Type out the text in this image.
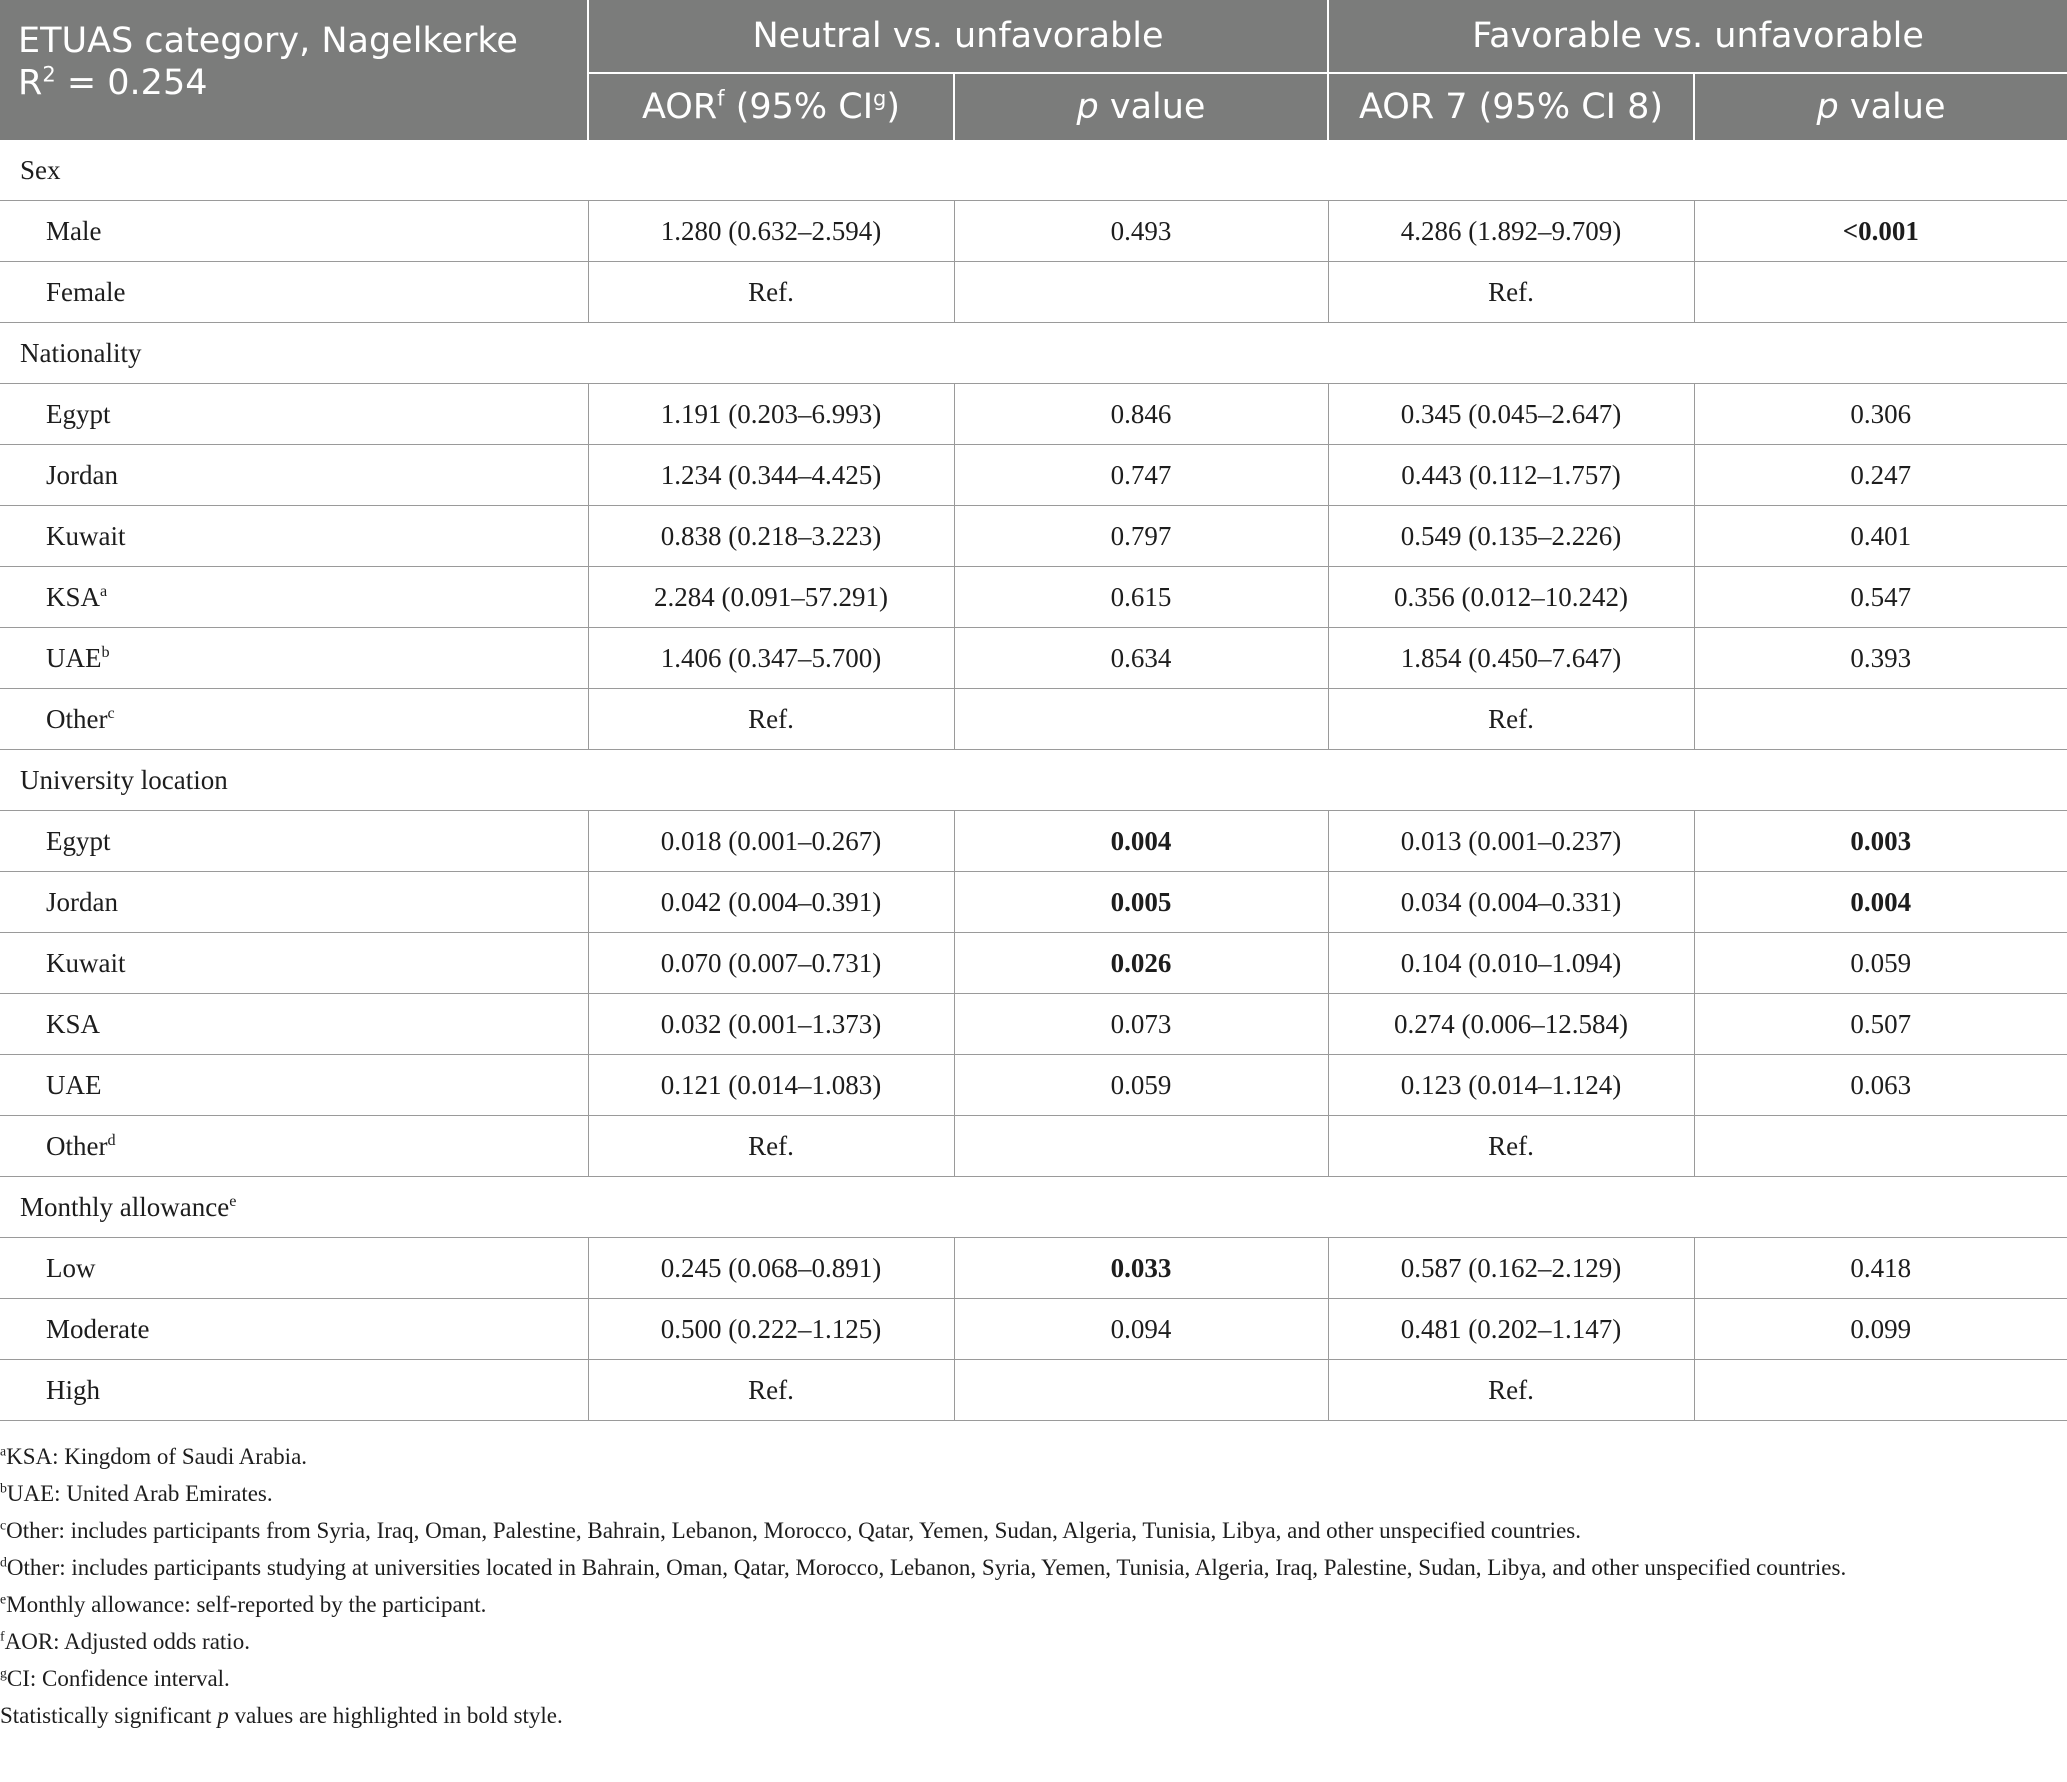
ETUAS category, Nagelkerke
$R^2 = 0.254$	Neutral vs. unfavorable		Favorable vs. unfavorable	
	AOR$^f$ (95% $CI^g$)	p value	AOR 7 (95% CI 8)	p value
Sex				
Male	1.280 (0.632–2.594)	0.493	4.286 (1.892–9.709)	<0.001
Female	Ref.		Ref.	
Nationality				
Egypt	1.191 (0.203–6.993)	0.846	0.345 (0.045–2.647)	0.306
Jordan	1.234 (0.344–4.425)	0.747	0.443 (0.112–1.757)	0.247
Kuwait	0.838 (0.218–3.223)	0.797	0.549 (0.135–2.226)	0.401
KSA$^a$	2.284 (0.091–57.291)	0.615	0.356 (0.012–10.242)	0.547
UAE$^b$	1.406 (0.347–5.700)	0.634	1.854 (0.450–7.647)	0.393
Other$^c$	Ref.		Ref.	
University location				
Egypt	0.018 (0.001–0.267)	0.004	0.013 (0.001–0.237)	0.003
Jordan	0.042 (0.004–0.391)	0.005	0.034 (0.004–0.331)	0.004
Kuwait	0.070 (0.007–0.731)	0.026	0.104 (0.010–1.094)	0.059
KSA	0.032 (0.001–1.373)	0.073	0.274 (0.006–12.584)	0.507
UAE	0.121 (0.014–1.083)	0.059	0.123 (0.014–1.124)	0.063
Other$^d$	Ref.		Ref.	
Monthly allowance$^e$
Low	0.245 (0.068–0.891)	0.033	0.587 (0.162–2.129)	0.418
Moderate	0.500 (0.222–1.125)	0.094	0.481 (0.202–1.147)	0.099
High	Ref.		Ref.	

$^a$KSA: Kingdom of Saudi Arabia.

$^b$UAE: United Arab Emirates.

$^c$Other: includes participants from Syria, Iraq, Oman, Palestine, Bahrain, Lebanon, Morocco, Qatar, Yemen, Sudan, Algeria, Tunisia, Libya, and other unspecified countries.

$^d$Other: includes participants studying at universities located in Bahrain, Oman, Qatar, Morocco, Lebanon, Syria, Yemen, Tunisia, Algeria, Iraq, Palestine, Sudan, Libya, and other unspecified countries.

$^e$Monthly allowance: self-reported by the participant.

$^f$AOR: Adjusted odds ratio.

$^g$CI: Confidence interval.

Statistically significant p values are highlighted in bold style.
